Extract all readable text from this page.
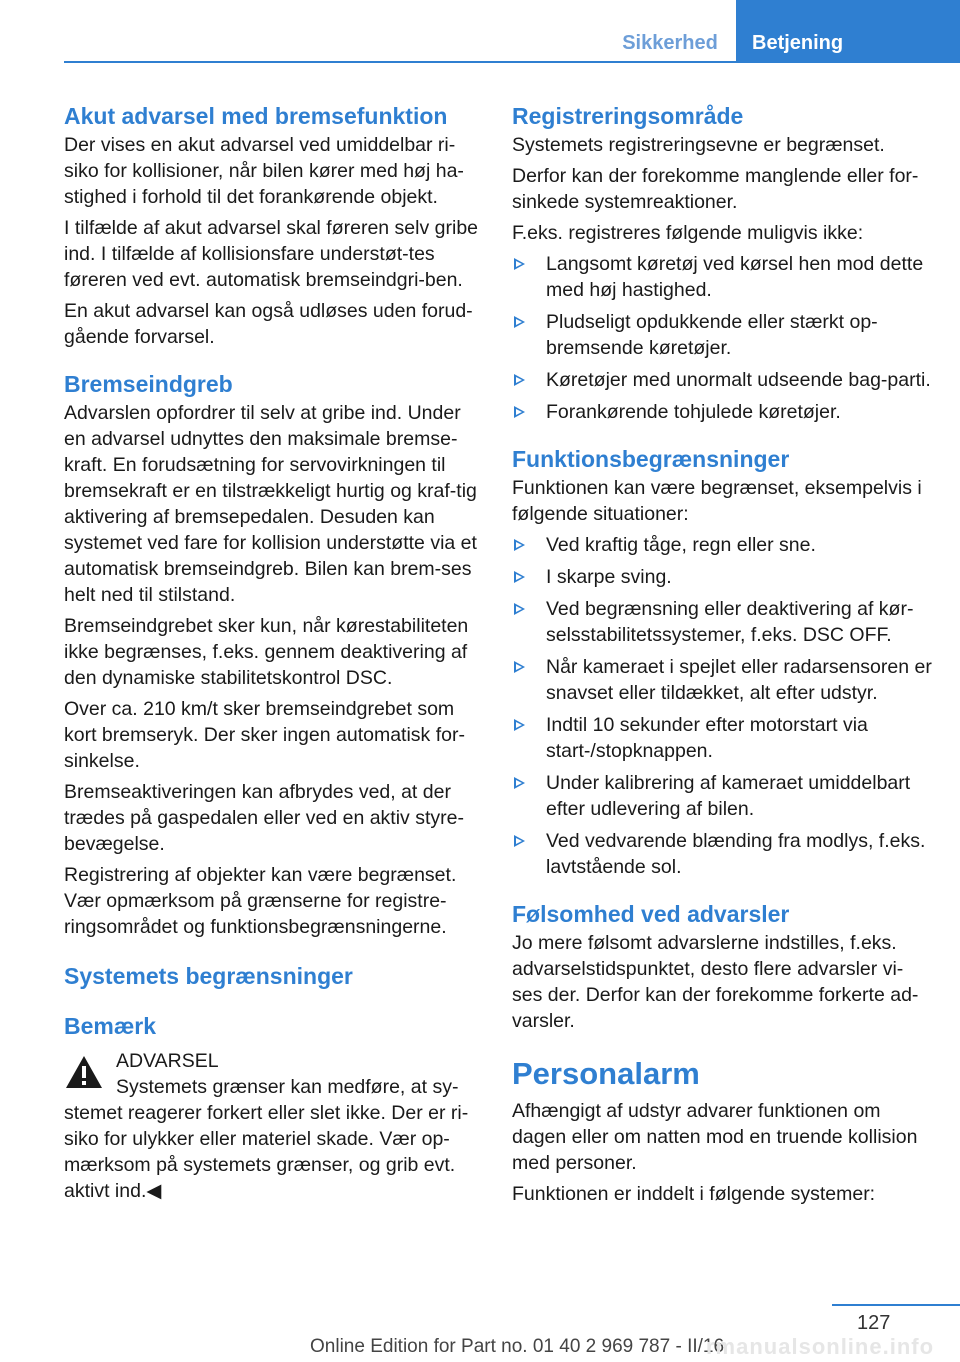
Sikkerhed	Betjening
Akut advarsel med bremsefunktion

Der vises en akut advarsel ved umiddelbar ri-siko for kollisioner, når bilen kører med høj ha-stighed i forhold til det forankørende objekt.

I tilfælde af akut advarsel skal føreren selv gribe ind. I tilfælde af kollisionsfare understøt-tes føreren ved evt. automatisk bremseindgri-ben.

En akut advarsel kan også udløses uden forud-gående forvarsel.

Bremseindgreb

Advarslen opfordrer til selv at gribe ind. Under en advarsel udnyttes den maksimale bremse-kraft. En forudsætning for servovirkningen til bremsekraft er en tilstrækkeligt hurtig og kraf-tig aktivering af bremsepedalen. Desuden kan systemet ved fare for kollision understøtte via et automatisk bremseindgreb. Bilen kan brem-ses helt ned til stilstand.

Bremseindgrebet sker kun, når kørestabiliteten ikke begrænses, f.eks. gennem deaktivering af den dynamiske stabilitetskontrol DSC.

Over ca. 210 km/t sker bremseindgrebet som kort bremseryk. Der sker ingen automatisk for-sinkelse.

Bremseaktiveringen kan afbrydes ved, at der trædes på gaspedalen eller ved en aktiv styre-bevægelse.

Registrering af objekter kan være begrænset. Vær opmærksom på grænserne for registre-ringsområdet og funktionsbegrænsningerne.

Systemets begrænsninger
Bemærk
ADVARSEL
Systemets grænser kan medføre, at sy-
stemet reagerer forkert eller slet ikke. Der er ri-siko for ulykker eller materiel skade. Vær op-mærksom på systemets grænser, og grib evt. aktivt ind.◀
Registreringsområde

Systemets registreringsevne er begrænset.

Derfor kan der forekomme manglende eller for-sinkede systemreaktioner.

F.eks. registreres følgende muligvis ikke:

Langsomt køretøj ved kørsel hen mod dette med høj hastighed.
Pludseligt opdukkende eller stærkt op-bremsende køretøjer.
Køretøjer med unormalt udseende bag-parti.
Forankørende tohjulede køretøjer.
Funktionsbegrænsninger

Funktionen kan være begrænset, eksempelvis i følgende situationer:

Ved kraftig tåge, regn eller sne.
I skarpe sving.
Ved begrænsning eller deaktivering af kør-selsstabilitetssystemer, f.eks. DSC OFF.
Når kameraet i spejlet eller radarsensoren er snavset eller tildækket, alt efter udstyr.
Indtil 10 sekunder efter motorstart via start-/stopknappen.
Under kalibrering af kameraet umiddelbart efter udlevering af bilen.
Ved vedvarende blænding fra modlys, f.eks. lavtstående sol.
Følsomhed ved advarsler

Jo mere følsomt advarslerne indstilles, f.eks. advarselstidspunktet, desto flere advarsler vi-ses der. Derfor kan der forekomme forkerte ad-varsler.

Personalarm

Afhængigt af udstyr advarer funktionen om dagen eller om natten mod en truende kollision med personer.

Funktionen er inddelt i følgende systemer:

127
Online Edition for Part no. 01 40 2 969 787 - II/16
rmanualsonline.info
